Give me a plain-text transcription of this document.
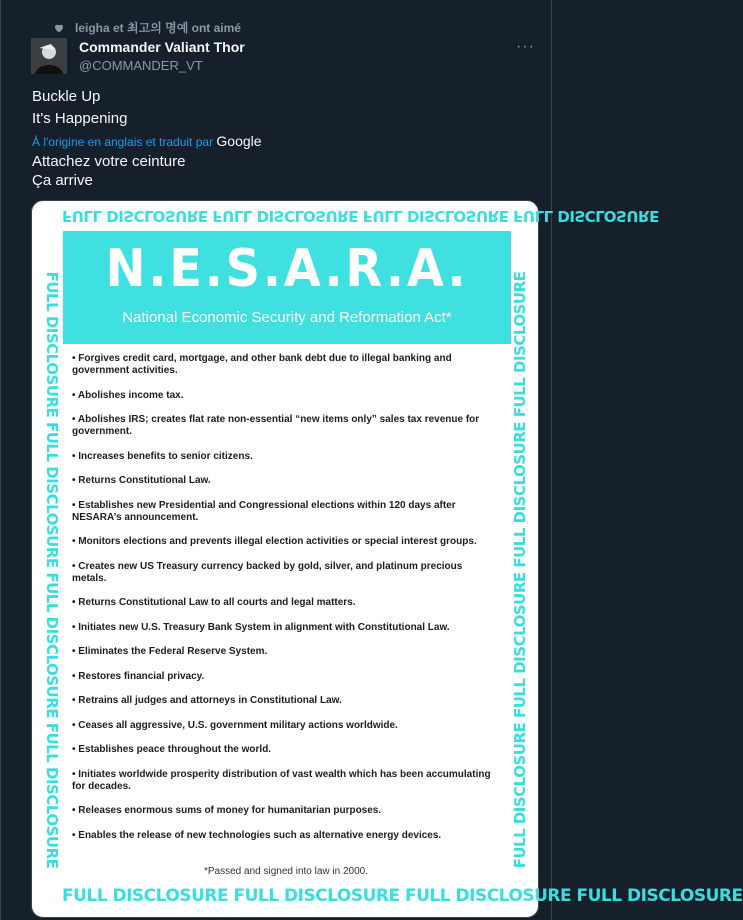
leigha et 최고의 명예 ont aimé
Commander Valiant Thor
@COMMANDER_VT
···
Buckle Up
It's Happening
À l'origine en anglais et traduit par Google
Attachez votre ceinture
Ça arrive
FULL DISCLOSURE FULL DISCLOSURE FULL DISCLOSURE FULL DISCLOSURE
FULL DISCLOSURE FULL DISCLOSURE FULL DISCLOSURE FULL DISCLOSURE	FULL DISCLOSURE FULL DISCLOSURE FULL DISCLOSURE FULL DISCLOSURE
N.E.S.A.R.A.
National Economic Security and Reformation Act*
• Forgives credit card, mortgage, and other bank debt due to illegal banking and government activities.
• Abolishes income tax.
• Abolishes IRS; creates flat rate non-essential “new items only” sales tax revenue for government.
• Increases benefits to senior citizens.
• Returns Constitutional Law.
• Establishes new Presidential and Congressional elections within 120 days after NESARA’s announcement.
• Monitors elections and prevents illegal election activities or special interest groups.
• Creates new US Treasury currency backed by gold, silver, and platinum precious metals.
• Returns Constitutional Law to all courts and legal matters.
• Initiates new U.S. Treasury Bank System in alignment with Constitutional Law.
• Eliminates the Federal Reserve System.
• Restores financial privacy.
• Retrains all judges and attorneys in Constitutional Law.
• Ceases all aggressive, U.S. government military actions worldwide.
• Establishes peace throughout the world.
• Initiates worldwide prosperity distribution of vast wealth which has been accumulating for decades.
• Releases enormous sums of money for humanitarian purposes.
• Enables the release of new technologies such as alternative energy devices.
*Passed and signed into law in 2000.
FULL DISCLOSURE FULL DISCLOSURE FULL DISCLOSURE FULL DISCLOSURE
